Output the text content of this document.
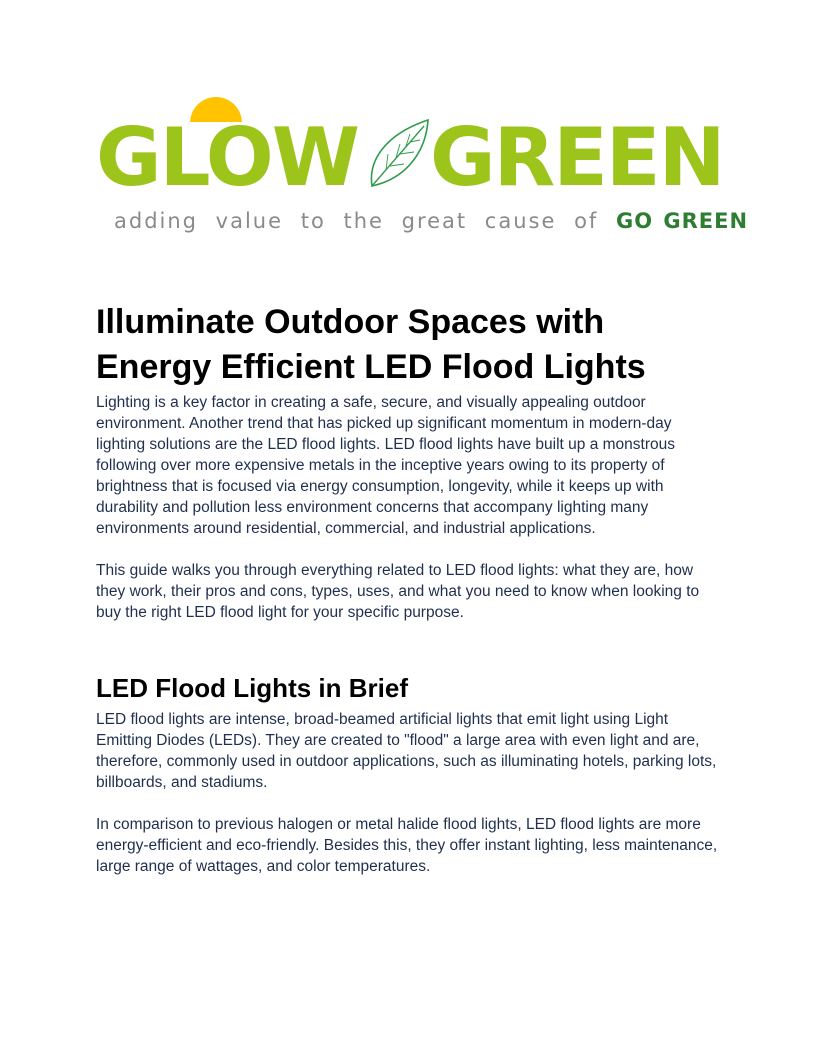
GLOW GREEN
adding value to the great cause of GO GREEN
Illuminate Outdoor Spaces with Energy Efficient LED Flood Lights

Lighting is a key factor in creating a safe, secure, and visually appealing outdoor environment. Another trend that has picked up significant momentum in modern-day lighting solutions are the LED flood lights. LED flood lights have built up a monstrous following over more expensive metals in the inceptive years owing to its property of brightness that is focused via energy consumption, longevity, while it keeps up with durability and pollution less environment concerns that accompany lighting many environments around residential, commercial, and industrial applications.

This guide walks you through everything related to LED flood lights: what they are, how they work, their pros and cons, types, uses, and what you need to know when looking to buy the right LED flood light for your specific purpose.

LED Flood Lights in Brief

LED flood lights are intense, broad-beamed artificial lights that emit light using Light Emitting Diodes (LEDs). They are created to "flood" a large area with even light and are, therefore, commonly used in outdoor applications, such as illuminating hotels, parking lots, billboards, and stadiums.

In comparison to previous halogen or metal halide flood lights, LED flood lights are more energy-efficient and eco-friendly. Besides this, they offer instant lighting, less maintenance, large range of wattages, and color temperatures.
